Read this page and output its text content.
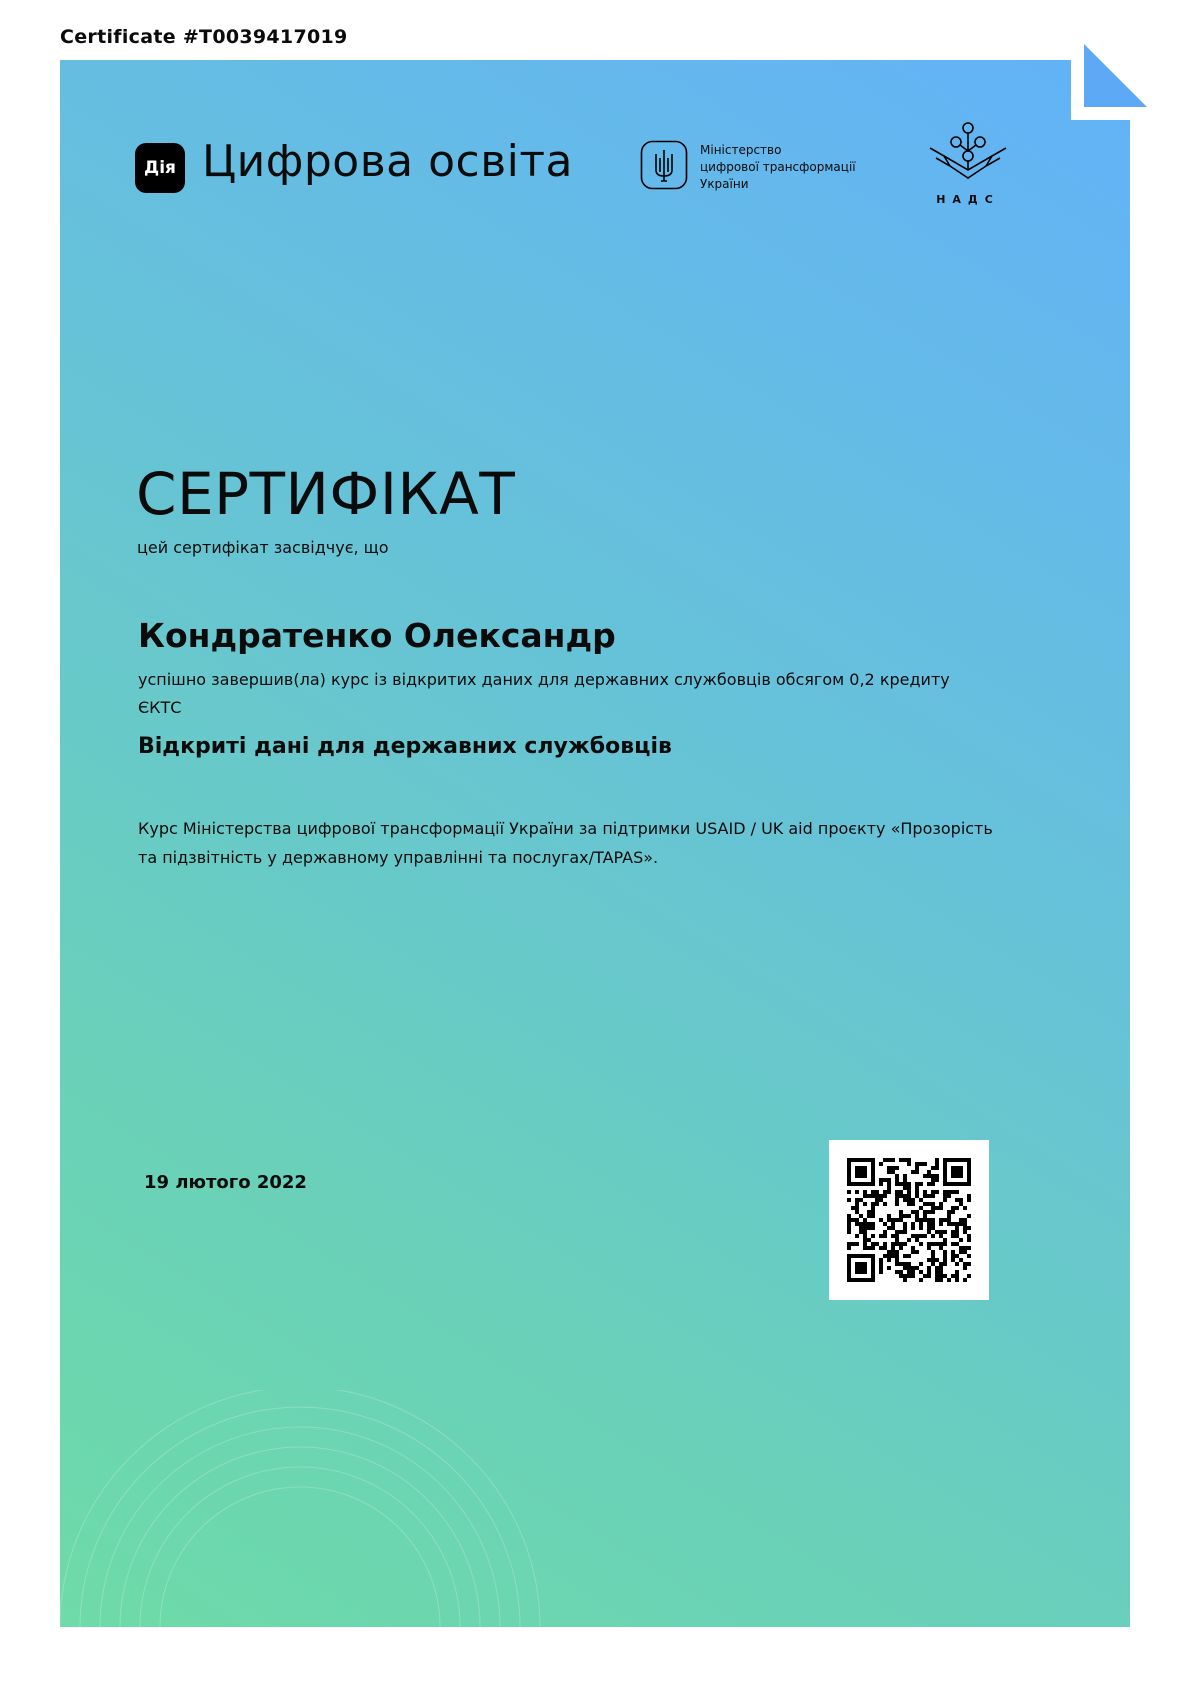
Certificate #T0039417019
Дія Цифрова освіта	Міністерство
цифрової трансформації
України
НАДС
СЕРТИФІКАТ
цей сертифікат засвідчує, що
Кондратенко Олександр
успішно завершив(ла) курс із відкритих даних для державних службовців обсягом 0,2 кредиту ЄКТС
Відкриті дані для державних службовців
Курс Міністерства цифрової трансформації України за підтримки USAID / UK aid проєкту «Прозорість та підзвітність у державному управлінні та послугах/TAPAS».
19 лютого 2022
